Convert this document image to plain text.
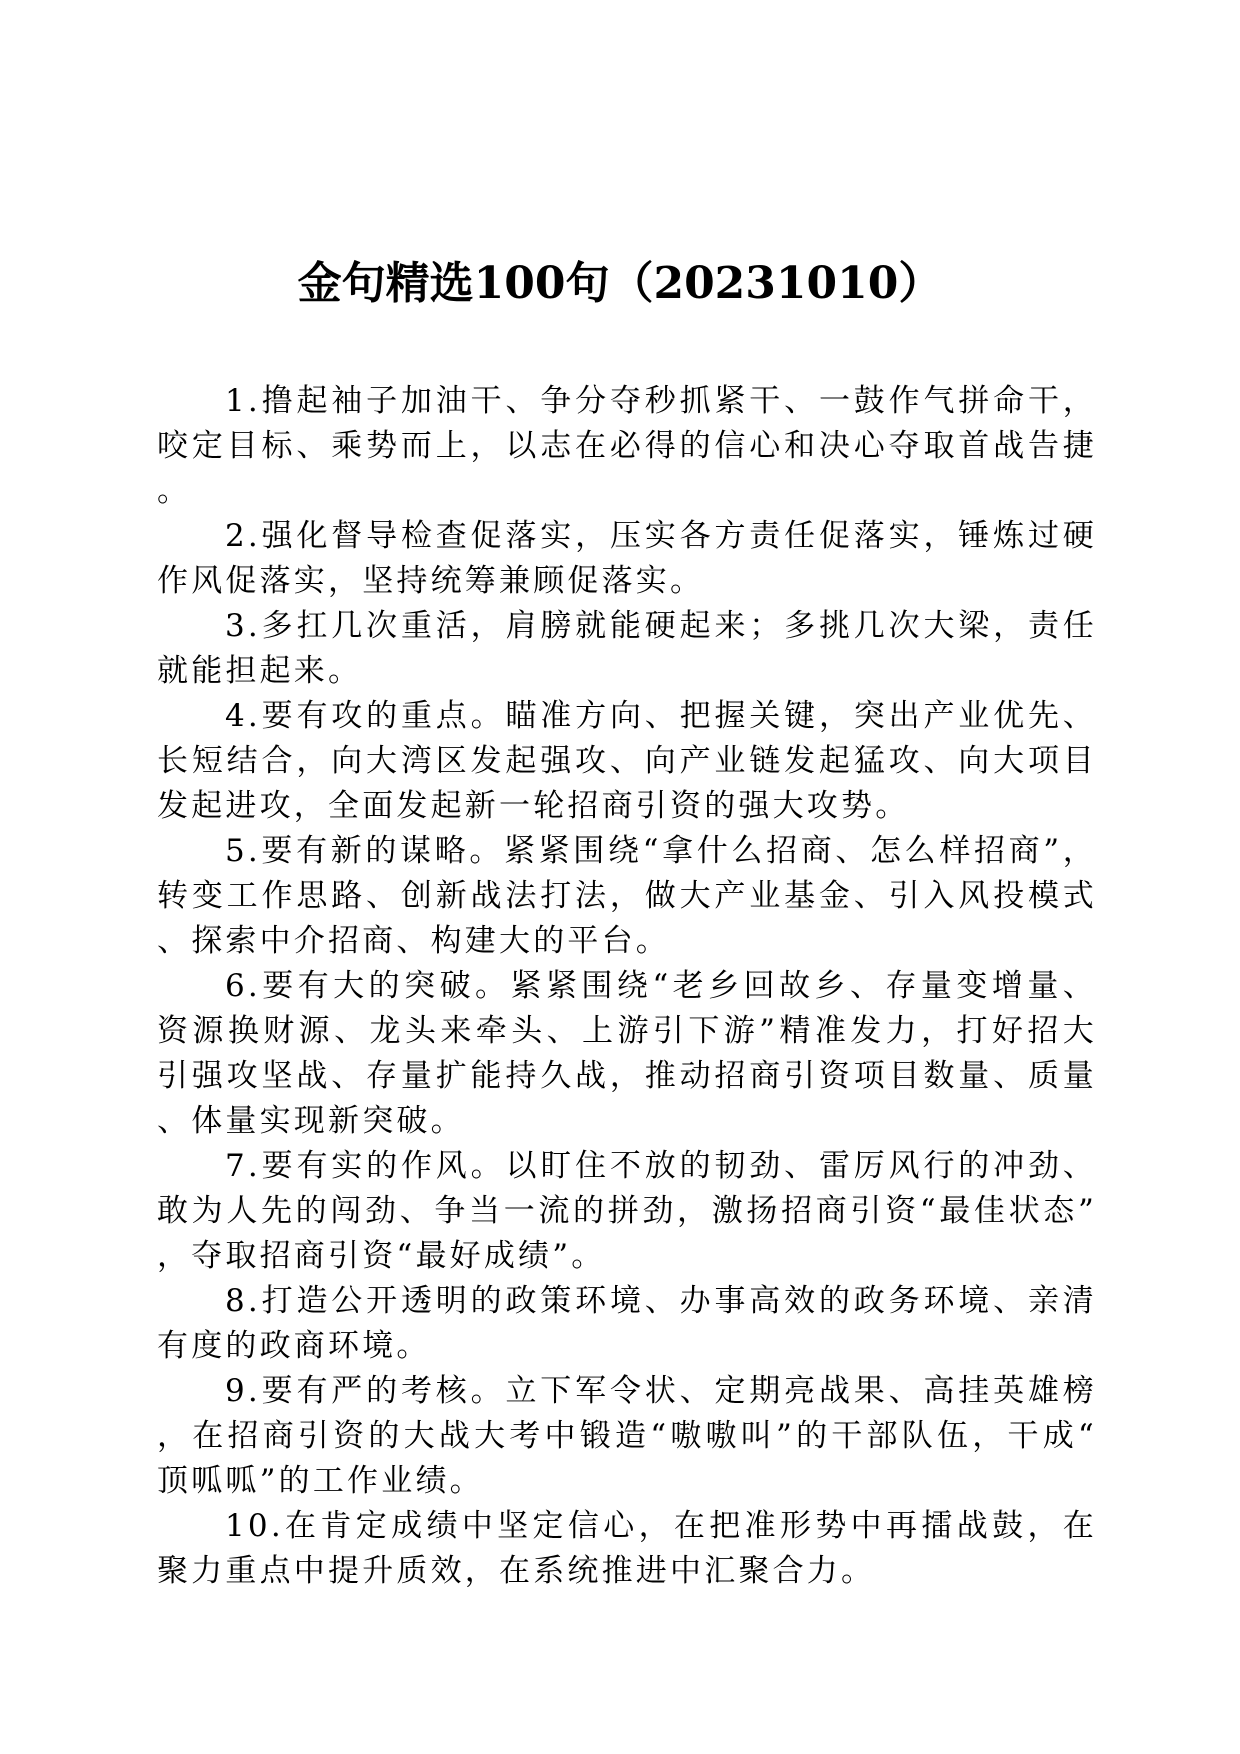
金句精选100句（20231010）

1.撸起袖子加油干、争分夺秒抓紧干、一鼓作气拼命干，咬定目标、乘势而上，以志在必得的信心和决心夺取首战告捷。

2.强化督导检查促落实，压实各方责任促落实，锤炼过硬作风促落实，坚持统筹兼顾促落实。

3.多扛几次重活，肩膀就能硬起来；多挑几次大梁，责任就能担起来。

4.要有攻的重点。瞄准方向、把握关键，突出产业优先、长短结合，向大湾区发起强攻、向产业链发起猛攻、向大项目发起进攻，全面发起新一轮招商引资的强大攻势。

5.要有新的谋略。紧紧围绕“拿什么招商、怎么样招商”，转变工作思路、创新战法打法，做大产业基金、引入风投模式、探索中介招商、构建大的平台。

6.要有大的突破。紧紧围绕“老乡回故乡、存量变增量、资源换财源、龙头来牵头、上游引下游”精准发力，打好招大引强攻坚战、存量扩能持久战，推动招商引资项目数量、质量、体量实现新突破。

7.要有实的作风。以盯住不放的韧劲、雷厉风行的冲劲、敢为人先的闯劲、争当一流的拼劲，激扬招商引资“最佳状态”，夺取招商引资“最好成绩”。

8.打造公开透明的政策环境、办事高效的政务环境、亲清有度的政商环境。

9.要有严的考核。立下军令状、定期亮战果、高挂英雄榜，在招商引资的大战大考中锻造“嗷嗷叫”的干部队伍，干成“顶呱呱”的工作业绩。

10.在肯定成绩中坚定信心，在把准形势中再擂战鼓，在聚力重点中提升质效，在系统推进中汇聚合力。
